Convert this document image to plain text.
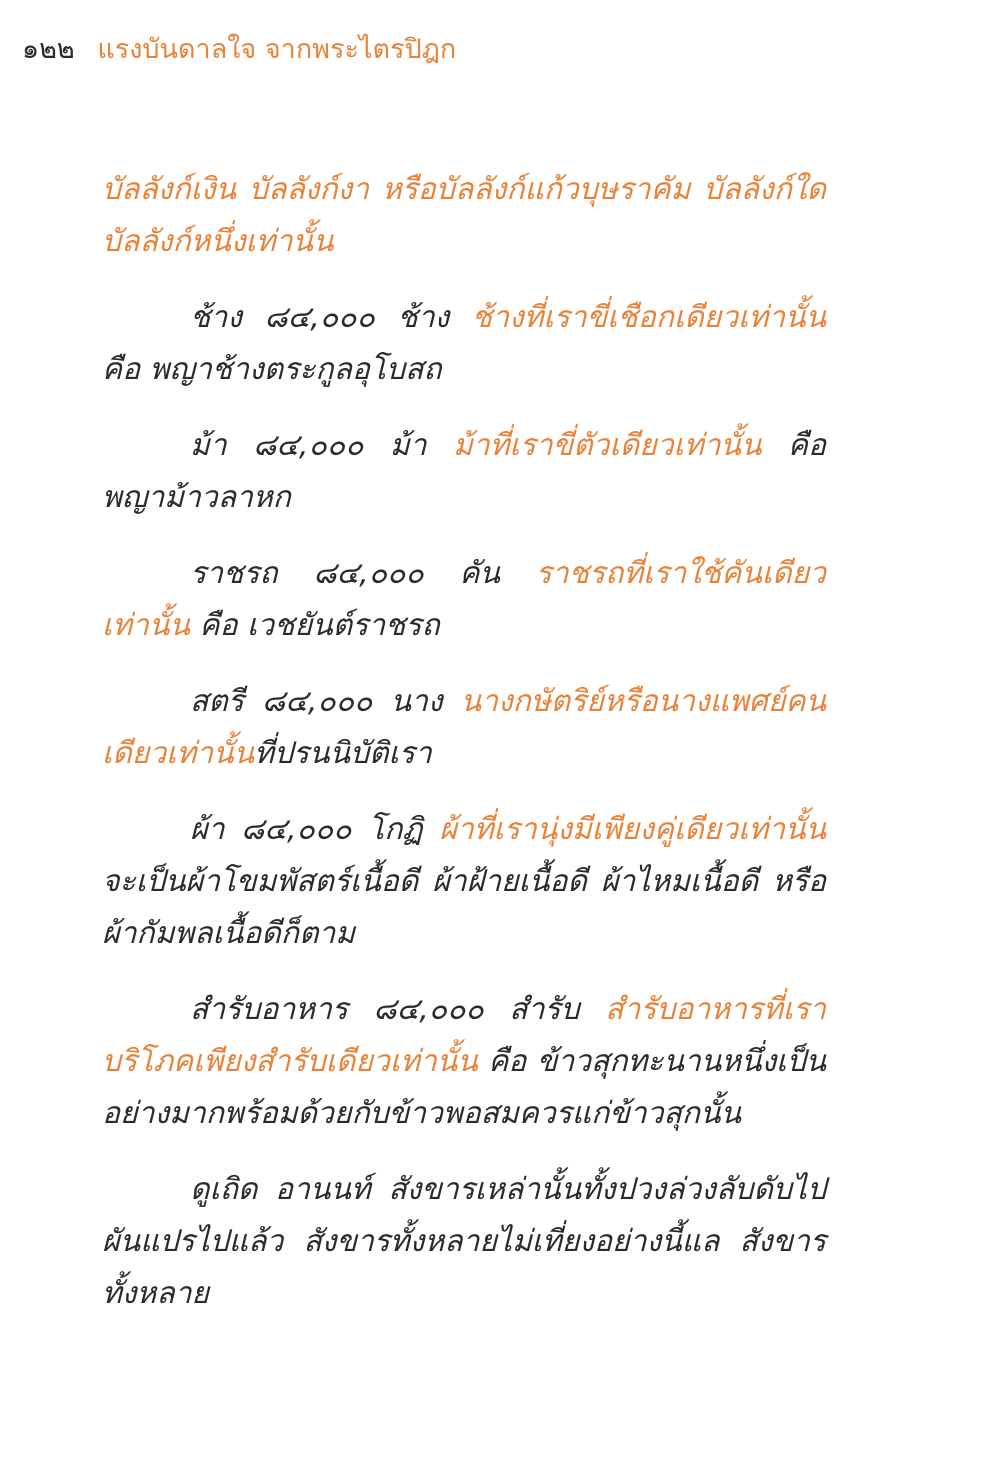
๑๒๒ แรงบันดาลใจ จากพระไตรปิฎก

บัลลังก์เงิน บัลลังก์งา หรือบัลลังก์แก้วบุษราคัม บัลลังก์ใดบัลลังก์หนึ่งเท่านั้น

ช้าง ๘๔,๐๐๐ ช้าง ช้างที่เราขี่เชือกเดียวเท่านั้น คือ พญาช้างตระกูลอุโบสถ

ม้า ๘๔,๐๐๐ ม้า ม้าที่เราขี่ตัวเดียวเท่านั้น คือ พญาม้าวลาหก

ราชรถ ๘๔,๐๐๐ คัน ราชรถที่เราใช้คันเดียวเท่านั้น คือ เวชยันต์ราชรถ

สตรี ๘๔,๐๐๐ นาง นางกษัตริย์หรือนางแพศย์คนเดียวเท่านั้นที่ปรนนิบัติเรา

ผ้า ๘๔,๐๐๐ โกฏิ ผ้าที่เรานุ่งมีเพียงคู่เดียวเท่านั้น จะเป็นผ้าโขมพัสตร์เนื้อดี ผ้าฝ้ายเนื้อดี ผ้าไหมเนื้อดี หรือผ้ากัมพลเนื้อดีก็ตาม

สำรับอาหาร ๘๔,๐๐๐ สำรับ สำรับอาหารที่เราบริโภคเพียงสำรับเดียวเท่านั้น คือ ข้าวสุกทะนานหนึ่งเป็นอย่างมากพร้อมด้วยกับข้าวพอสมควรแก่ข้าวสุกนั้น

ดูเถิด อานนท์ สังขารเหล่านั้นทั้งปวงล่วงลับดับไปผันแปรไปแล้ว สังขารทั้งหลายไม่เที่ยงอย่างนี้แล สังขารทั้งหลาย
